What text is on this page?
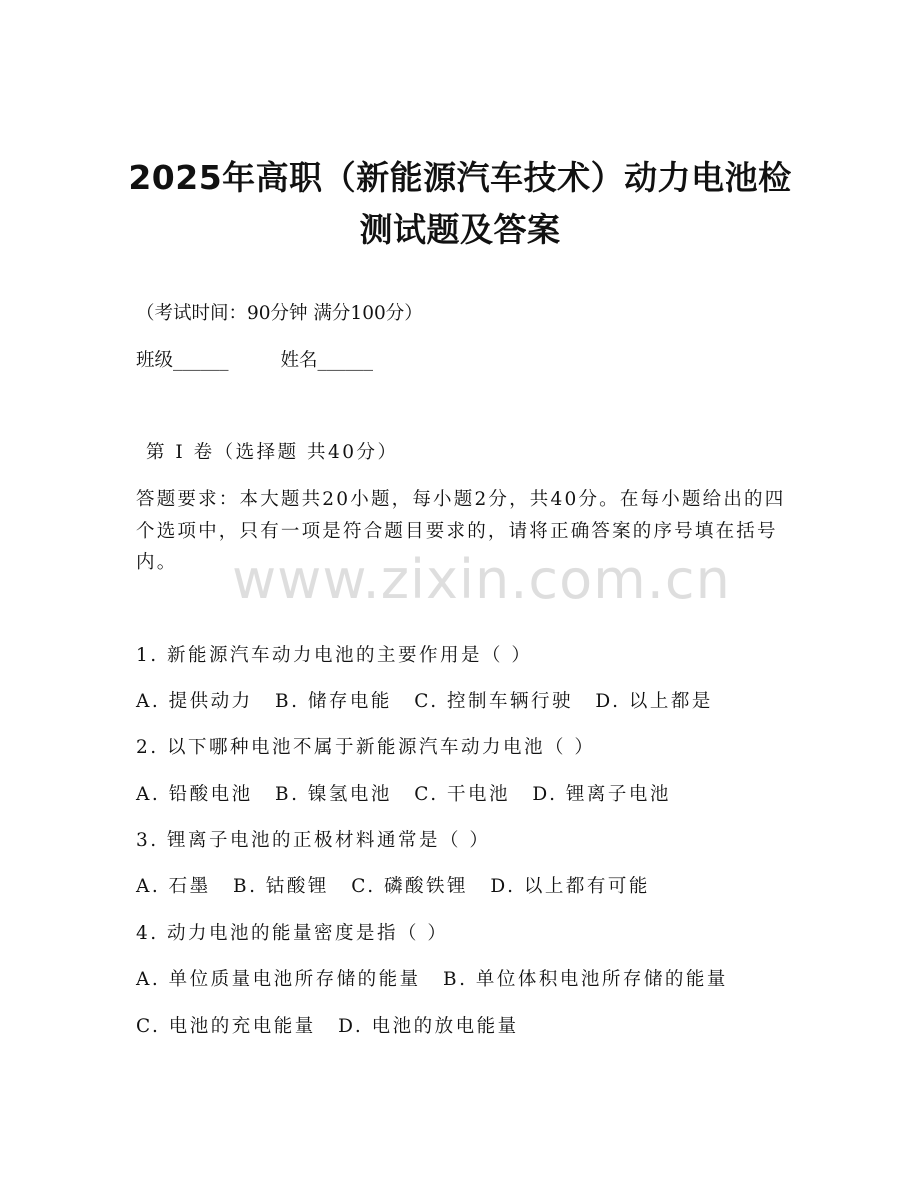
2025年高职（新能源汽车技术）动力电池检
测试题及答案
（考试时间：90分钟 满分100分）
班级______	姓名______
第 I 卷（选择题 共40分）
答题要求：本大题共20小题，每小题2分，共40分。在每小题给出的四个选项中，只有一项是符合题目要求的，请将正确答案的序号填在括号内。	www.zixin.com.cn
1. 新能源汽车动力电池的主要作用是（ ）
A. 提供动力 B. 储存电能 C. 控制车辆行驶 D. 以上都是
2. 以下哪种电池不属于新能源汽车动力电池（ ）
A. 铅酸电池 B. 镍氢电池 C. 干电池 D. 锂离子电池
3. 锂离子电池的正极材料通常是（ ）
A. 石墨 B. 钴酸锂 C. 磷酸铁锂 D. 以上都有可能
4. 动力电池的能量密度是指（ ）
A. 单位质量电池所存储的能量 B. 单位体积电池所存储的能量
C. 电池的充电能量 D. 电池的放电能量
